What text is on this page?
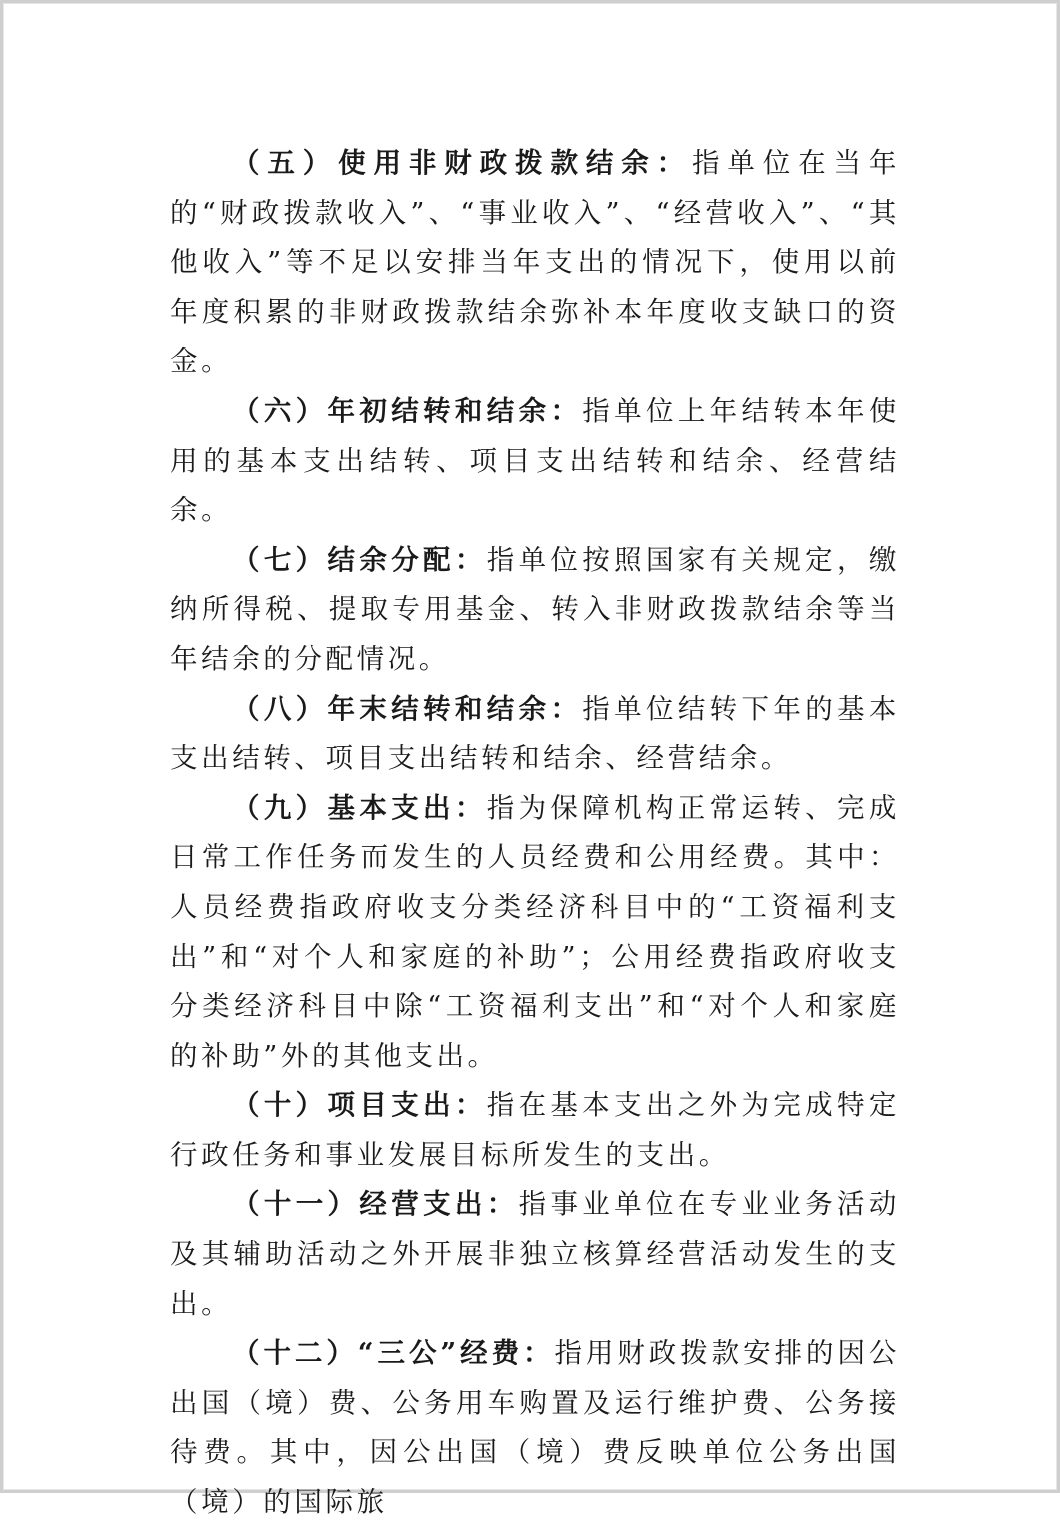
（五）使用非财政拨款结余：指单位在当年的“财政拨款收入”、“事业收入”、“经营收入”、“其他收入”等不足以安排当年支出的情况下，使用以前年度积累的非财政拨款结余弥补本年度收支缺口的资金。

（六）年初结转和结余：指单位上年结转本年使用的基本支出结转、项目支出结转和结余、经营结余。

（七）结余分配：指单位按照国家有关规定，缴纳所得税、提取专用基金、转入非财政拨款结余等当年结余的分配情况。

（八）年末结转和结余：指单位结转下年的基本支出结转、项目支出结转和结余、经营结余。

（九）基本支出：指为保障机构正常运转、完成日常工作任务而发生的人员经费和公用经费。其中：人员经费指政府收支分类经济科目中的“工资福利支出”和“对个人和家庭的补助”；公用经费指政府收支分类经济科目中除“工资福利支出”和“对个人和家庭的补助”外的其他支出。

（十）项目支出：指在基本支出之外为完成特定行政任务和事业发展目标所发生的支出。

（十一）经营支出：指事业单位在专业业务活动及其辅助活动之外开展非独立核算经营活动发生的支出。

（十二）“三公”经费：指用财政拨款安排的因公出国（境）费、公务用车购置及运行维护费、公务接待费。其中，因公出国（境）费反映单位公务出国（境）的国际旅
